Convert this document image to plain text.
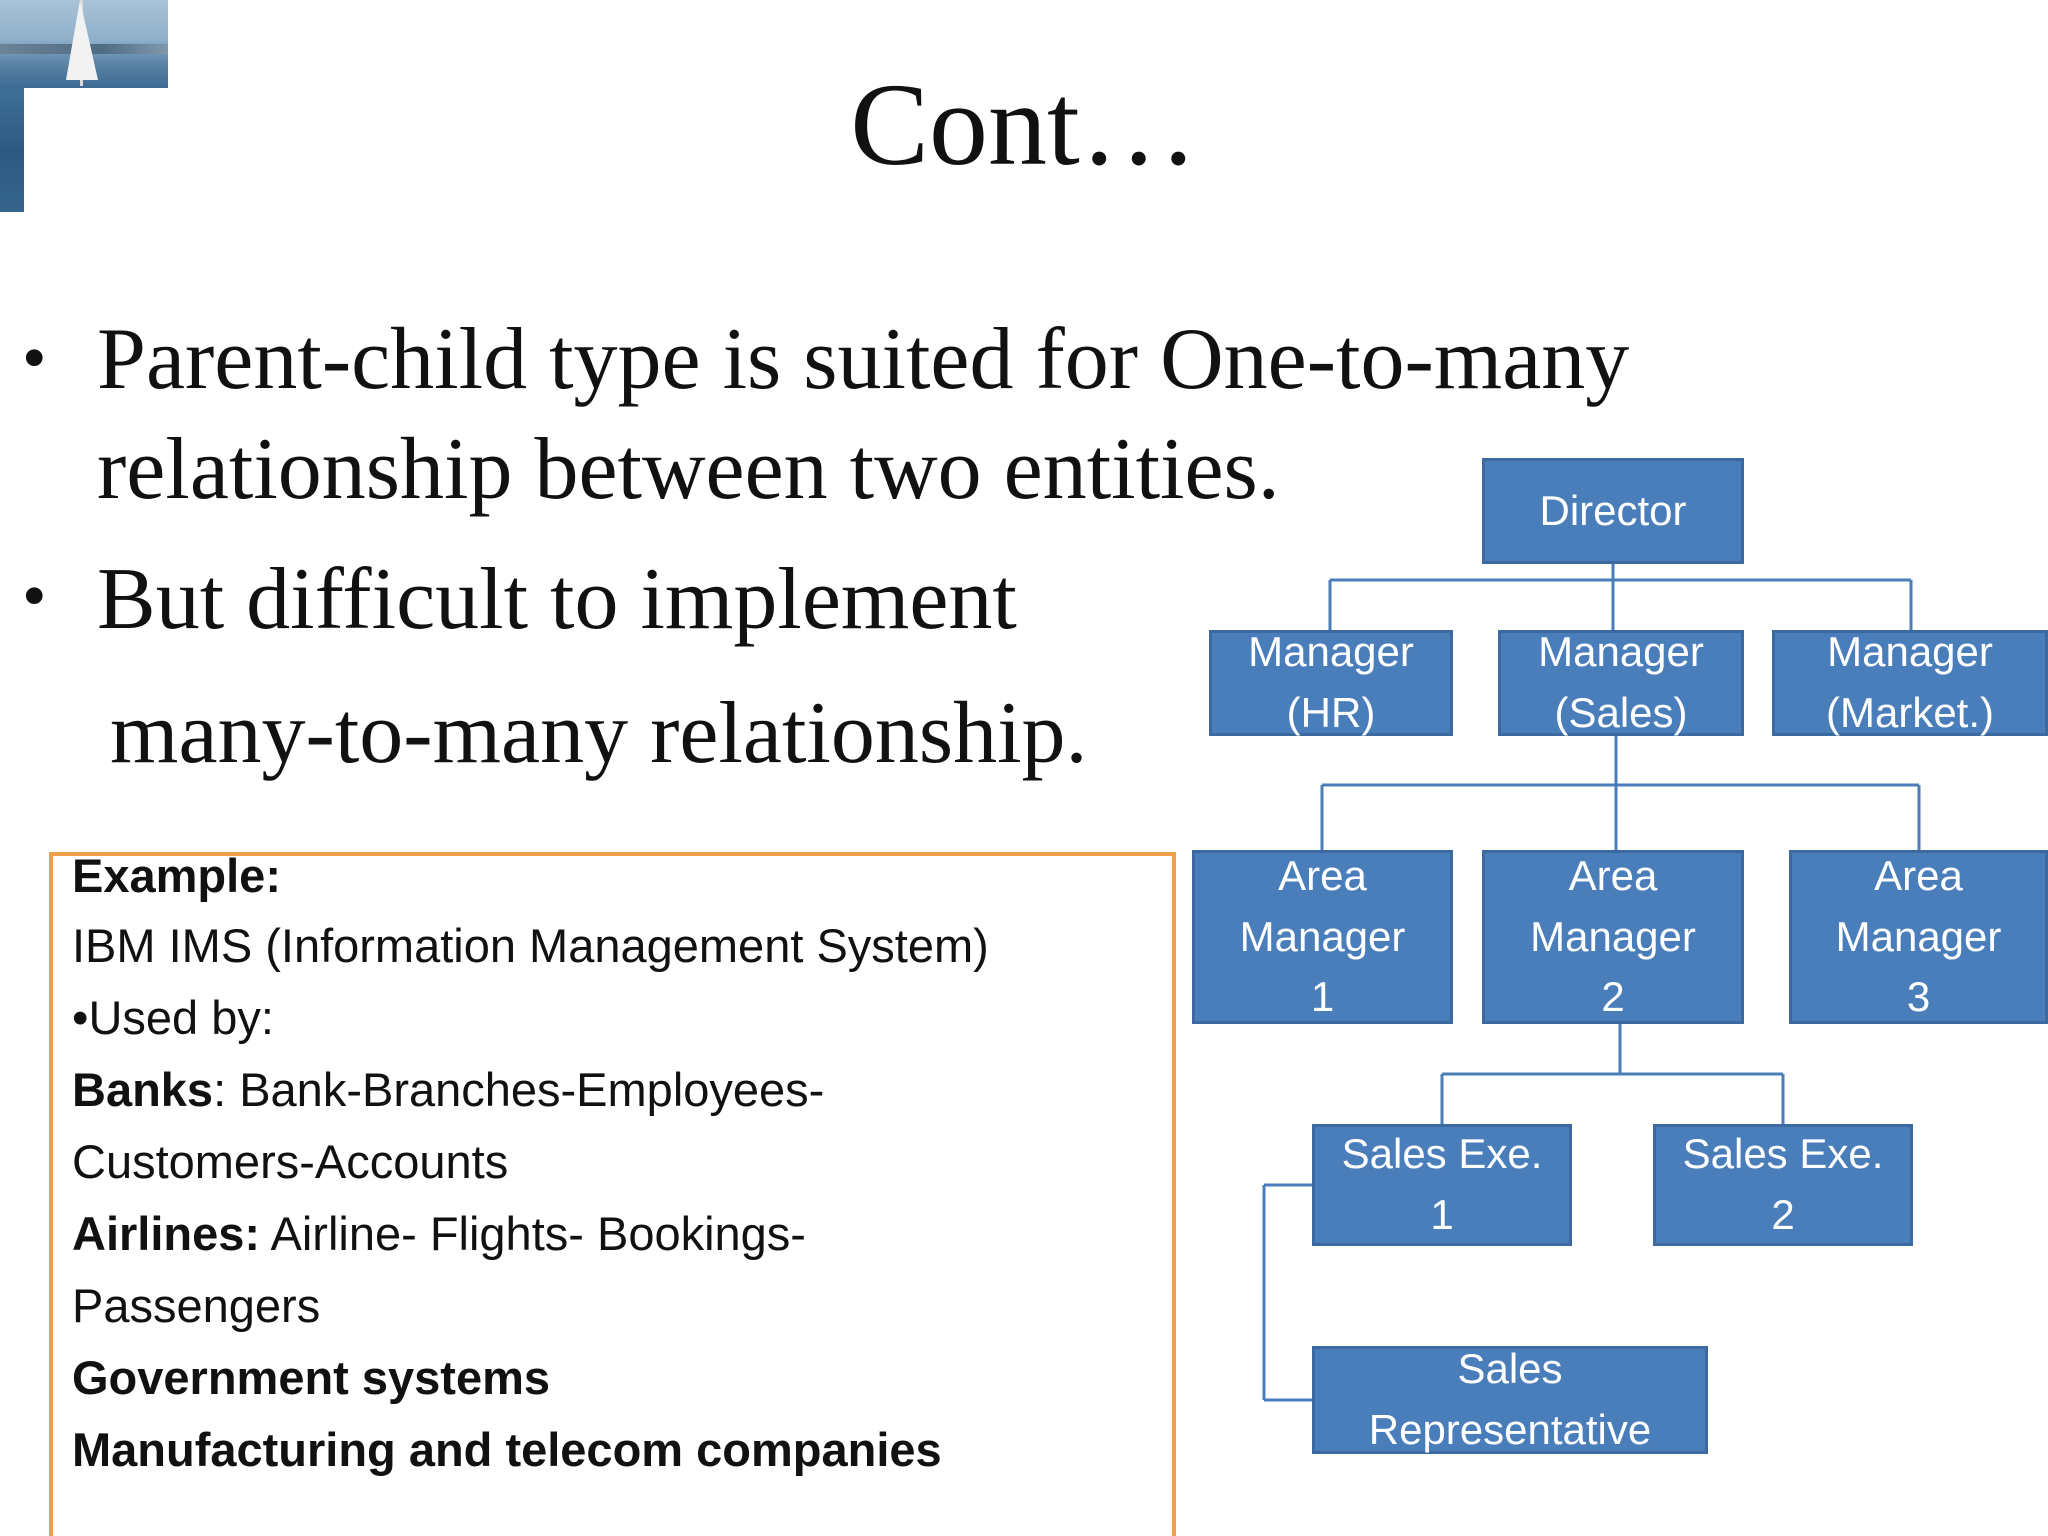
Cont…
• Parent-child type is suited for One-to-many
relationship between two entities.
• But difficult to implement
many-to-many relationship.
Example:
IBM IMS (Information Management System)
•Used by:
Banks: Bank-Branches-Employees-
Customers-Accounts
Airlines: Airline- Flights- Bookings-
Passengers
Government systems
Manufacturing and telecom companies
Director
Manager
(HR)
Manager
(Sales)
Manager
(Market.)
Area
Manager
1
Area
Manager
2
Area
Manager
3
Sales Exe.
1
Sales Exe.
2
Sales
Representative
